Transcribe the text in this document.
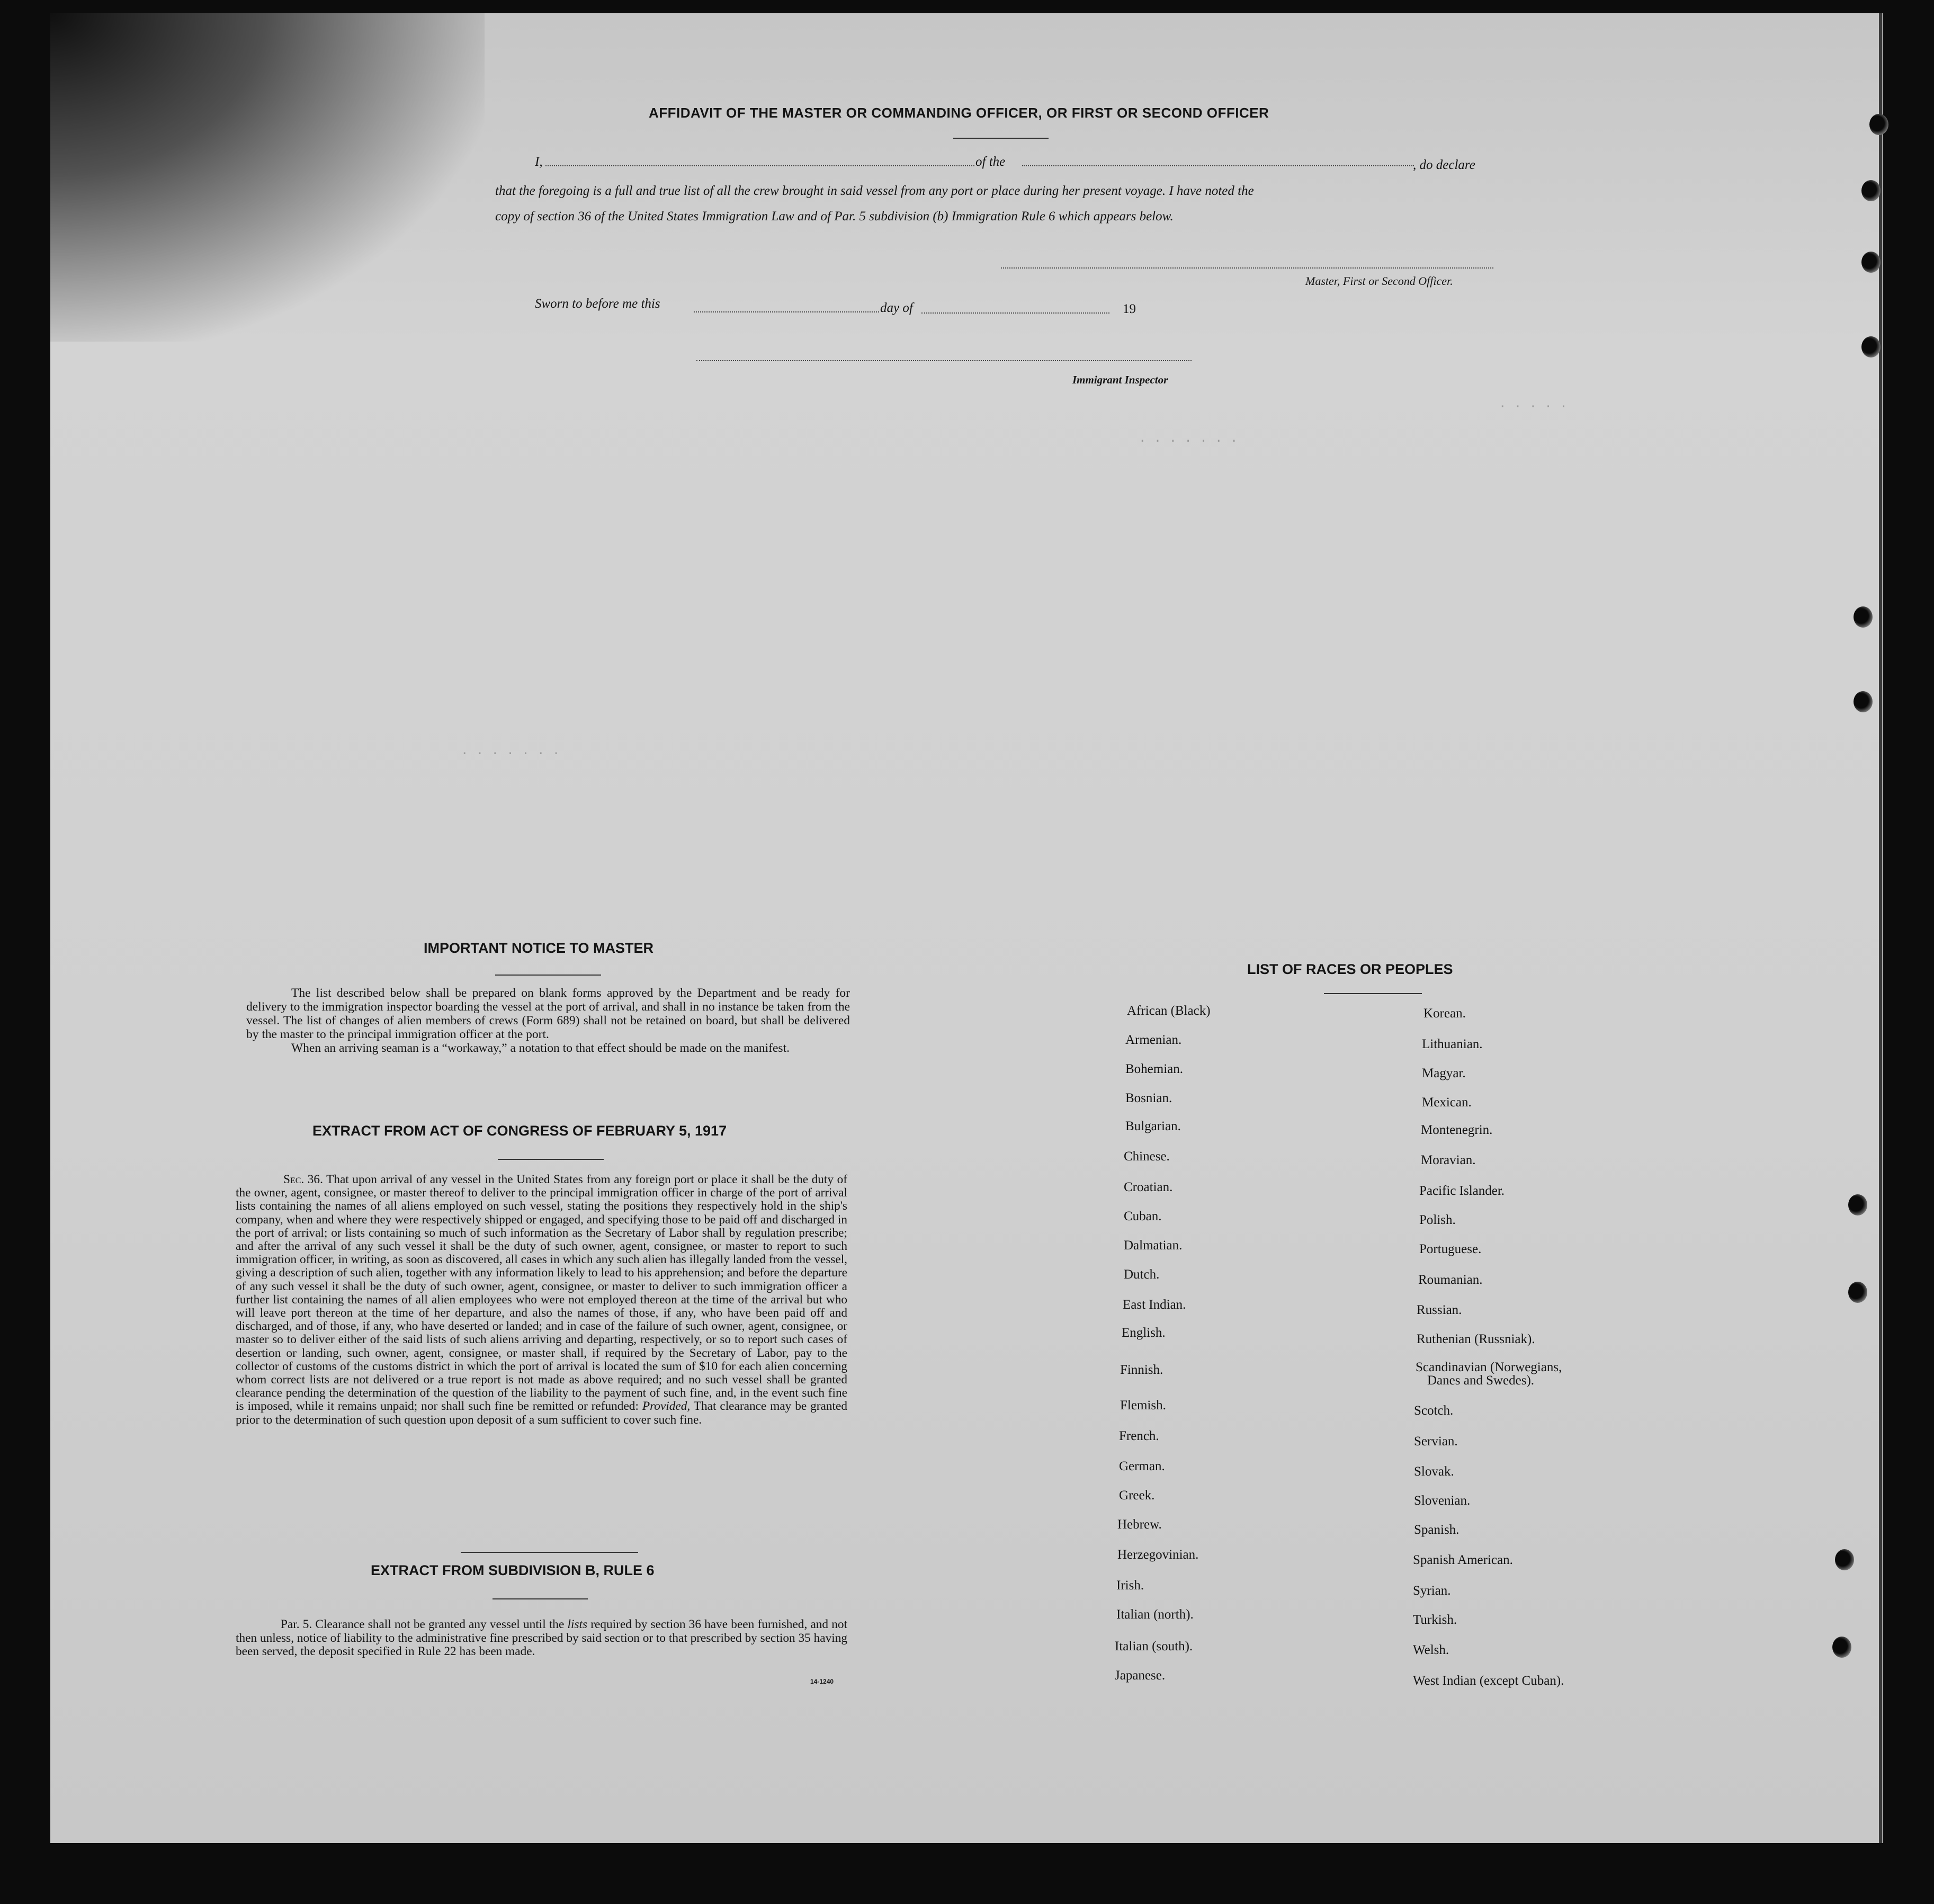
AFFIDAVIT OF THE MASTER OR COMMANDING OFFICER, OR FIRST OR SECOND OFFICER
I,	of the	, do declare
that the foregoing is a full and true list of all the crew brought in said vessel from any port or place during her present voyage. I have noted the
copy of section 36 of the United States Immigration Law and of Par. 5 subdivision (b) Immigration Rule 6 which appears below.
Master, First or Second Officer.
Sworn to before me this	day of	19
Immigrant Inspector
· · · · ·
· · · · · · ·
· · · · · · ·
IMPORTANT NOTICE TO MASTER

The list described below shall be prepared on blank forms approved by the Department and be ready for delivery to the immigration inspector boarding the vessel at the port of arrival, and shall in no instance be taken from the vessel. The list of changes of alien members of crews (Form 689) shall not be retained on board, but shall be delivered by the master to the principal immigration officer at the port.

When an arriving seaman is a “workaway,” a notation to that effect should be made on the manifest.

EXTRACT FROM ACT OF CONGRESS OF FEBRUARY 5, 1917

Sec. 36. That upon arrival of any vessel in the United States from any foreign port or place it shall be the duty of the owner, agent, consignee, or master thereof to deliver to the principal immigration officer in charge of the port of arrival lists containing the names of all aliens employed on such vessel, stating the positions they respectively hold in the ship's company, when and where they were respectively shipped or engaged, and specifying those to be paid off and discharged in the port of arrival; or lists containing so much of such information as the Secretary of Labor shall by regulation prescribe; and after the arrival of any such vessel it shall be the duty of such owner, agent, consignee, or master to report to such immigration officer, in writing, as soon as discovered, all cases in which any such alien has illegally landed from the vessel, giving a description of such alien, together with any information likely to lead to his apprehension; and before the departure of any such vessel it shall be the duty of such owner, agent, consignee, or master to deliver to such immigration officer a further list containing the names of all alien employees who were not employed thereon at the time of the arrival but who will leave port thereon at the time of her departure, and also the names of those, if any, who have been paid off and discharged, and of those, if any, who have deserted or landed; and in case of the failure of such owner, agent, consignee, or master so to deliver either of the said lists of such aliens arriving and departing, respectively, or so to report such cases of desertion or landing, such owner, agent, consignee, or master shall, if required by the Secretary of Labor, pay to the collector of customs of the customs district in which the port of arrival is located the sum of $10 for each alien concerning whom correct lists are not delivered or a true report is not made as above required; and no such vessel shall be granted clearance pending the determination of the question of the liability to the payment of such fine, and, in the event such fine is imposed, while it remains unpaid; nor shall such fine be remitted or refunded: Provided, That clearance may be granted prior to the determination of such question upon deposit of a sum sufficient to cover such fine.

EXTRACT FROM SUBDIVISION B, RULE 6

Par. 5. Clearance shall not be granted any vessel until the lists required by section 36 have been furnished, and not then unless, notice of liability to the administrative fine prescribed by said section or to that prescribed by section 35 having been served, the deposit specified in Rule 22 has been made.

14-1240
LIST OF RACES OR PEOPLES
African (Black)
Armenian.
Bohemian.
Bosnian.
Bulgarian.
Chinese.
Croatian.
Cuban.
Dalmatian.
Dutch.
East Indian.
English.
Finnish.
Flemish.
French.
German.
Greek.
Hebrew.
Herzegovinian.
Irish.
Italian (north).
Italian (south).
Japanese.
Korean.
Lithuanian.
Magyar.
Mexican.
Montenegrin.
Moravian.
Pacific Islander.
Polish.
Portuguese.
Roumanian.
Russian.
Ruthenian (Russniak).
Scandinavian (Norwegians,
Danes and Swedes).
Scotch.
Servian.
Slovak.
Slovenian.
Spanish.
Spanish American.
Syrian.
Turkish.
Welsh.
West Indian (except Cuban).
